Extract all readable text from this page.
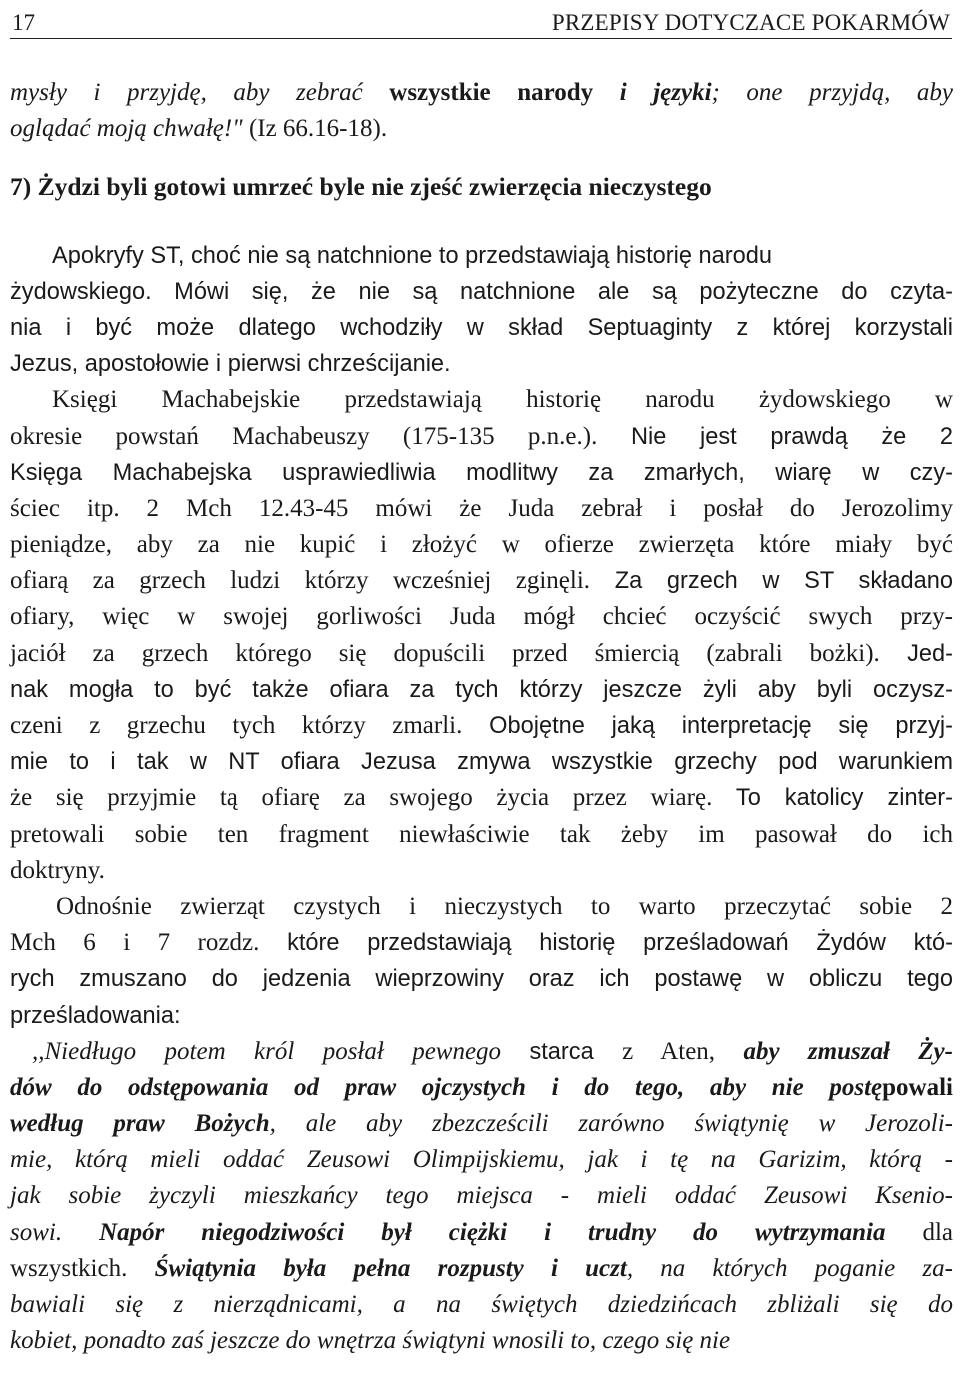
17	PRZEPISY DOTYCZACE POKARMÓW
mysły i przyjdę, aby zebrać wszystkie narody i języki; one przyjdą, aby
oglądać moją chwałę!" (Iz 66.16-18).
7) Żydzi byli gotowi umrzeć byle nie zjeść zwierzęcia nieczystego
Apokryfy ST, choć nie są natchnione to przedstawiają historię narodu
żydowskiego. Mówi się, że nie są natchnione ale są pożyteczne do czyta-
nia i być może dlatego wchodziły w skład Septuaginty z której korzystali
Jezus, apostołowie i pierwsi chrześcijanie.
Księgi Machabejskie przedstawiają historię narodu żydowskiego w
okresie powstań Machabeuszy (175-135 p.n.e.). Nie jest prawdą że 2
Księga Machabejska usprawiedliwia modlitwy za zmarłych, wiarę w czy-
ściec itp. 2 Mch 12.43-45 mówi że Juda zebrał i posłał do Jerozolimy
pieniądze, aby za nie kupić i złożyć w ofierze zwierzęta które miały być
ofiarą za grzech ludzi którzy wcześniej zginęli. Za grzech w ST składano
ofiary, więc w swojej gorliwości Juda mógł chcieć oczyścić swych przy-
jaciół za grzech którego się dopuścili przed śmiercią (zabrali bożki). Jed-
nak mogła to być także ofiara za tych którzy jeszcze żyli aby byli oczysz-
czeni z grzechu tych którzy zmarli. Obojętne jaką interpretację się przyj-
mie to i tak w NT ofiara Jezusa zmywa wszystkie grzechy pod warunkiem
że się przyjmie tą ofiarę za swojego życia przez wiarę. To katolicy zinter-
pretowali sobie ten fragment niewłaściwie tak żeby im pasował do ich
doktryny.
Odnośnie zwierząt czystych i nieczystych to warto przeczytać sobie 2
Mch 6 i 7 rozdz. które przedstawiają historię prześladowań Żydów któ-
rych zmuszano do jedzenia wieprzowiny oraz ich postawę w obliczu tego
prześladowania:
,,Niedługo potem król posłał pewnego starca z Aten, aby zmuszał Ży-
dów do odstępowania od praw ojczystych i do tego, aby nie postępowali
według praw Bożych, ale aby zbezcześcili zarówno świątynię w Jerozoli-
mie, którą mieli oddać Zeusowi Olimpijskiemu, jak i tę na Garizim, którą -
jak sobie życzyli mieszkańcy tego miejsca - mieli oddać Zeusowi Ksenio-
sowi. Napór niegodziwości był ciężki i trudny do wytrzymania dla
wszystkich. Świątynia była pełna rozpusty i uczt, na których poganie za-
bawiali się z nierządnicami, a na świętych dziedzińcach zbliżali się do
kobiet, ponadto zaś jeszcze do wnętrza świątyni wnosili to, czego się nie
